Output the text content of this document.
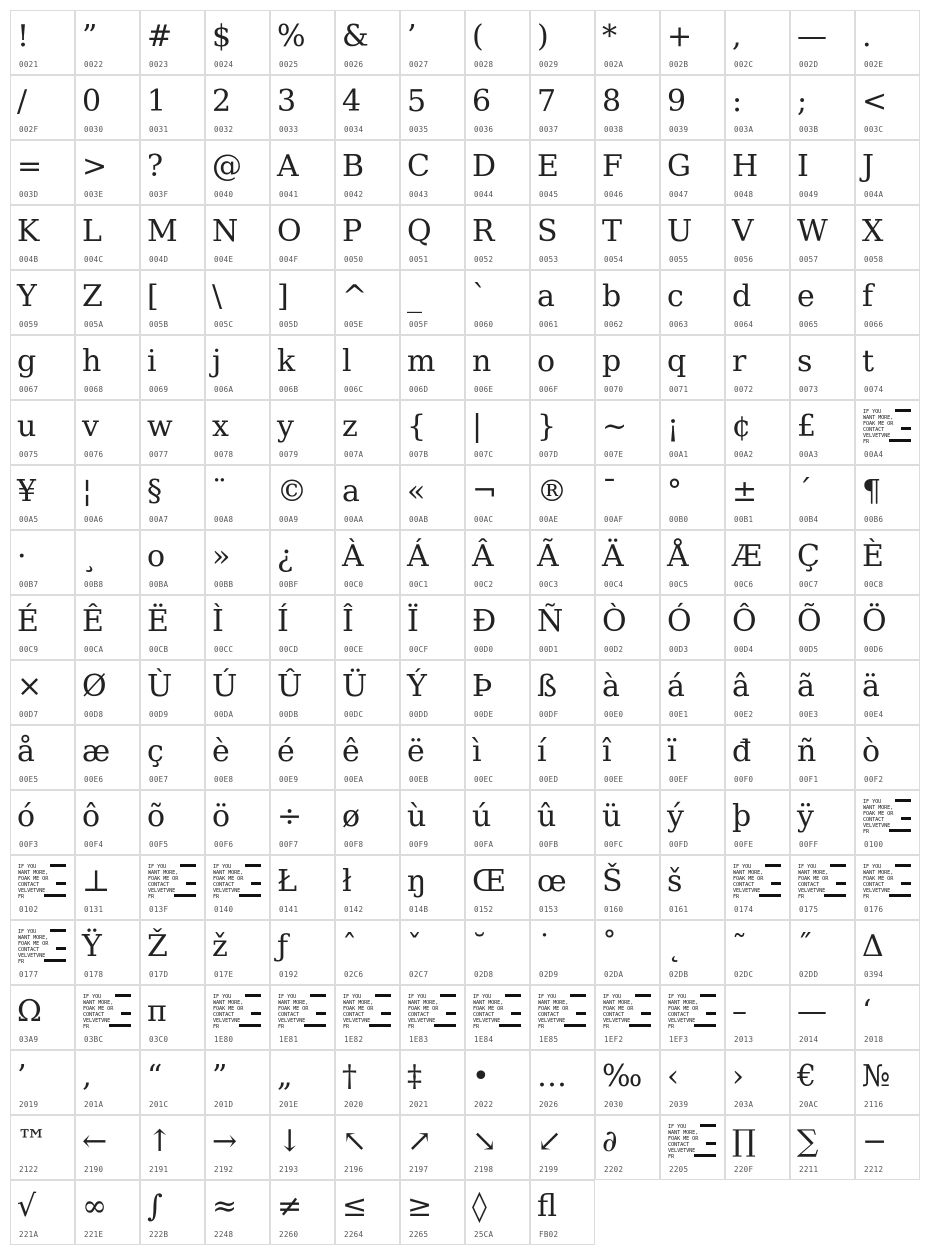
!
0021
”
0022
#
0023
$
0024
%
0025
&
0026
’
0027
(
0028
)
0029
*
002A
+
002B
,
002C
—
002D
.
002E
/
002F
0
0030
1
0031
2
0032
3
0033
4
0034
5
0035
6
0036
7
0037
8
0038
9
0039
:
003A
;
003B
<
003C
=
003D
>
003E
?
003F
@
0040
A
0041
B
0042
C
0043
D
0044
E
0045
F
0046
G
0047
H
0048
I
0049
J
004A
K
004B
L
004C
M
004D
N
004E
O
004F
P
0050
Q
0051
R
0052
S
0053
T
0054
U
0055
V
0056
W
0057
X
0058
Y
0059
Z
005A
[
005B
\
005C
]
005D
^
005E
_
005F
`
0060
a
0061
b
0062
c
0063
d
0064
e
0065
f
0066
g
0067
h
0068
i
0069
j
006A
k
006B
l
006C
m
006D
n
006E
o
006F
p
0070
q
0071
r
0072
s
0073
t
0074
u
0075
v
0076
w
0077
x
0078
y
0079
z
007A
{
007B
|
007C
}
007D
~
007E
¡
00A1
¢
00A2
£
00A3
IF YOU
WANT MORE,
FOAK ME OR
CONTACT
VELVETVNE
FR
00A4
¥
00A5
¦
00A6
§
00A7
¨
00A8
©
00A9
a
00AA
«
00AB
¬
00AC
®
00AE
¯
00AF
°
00B0
±
00B1
´
00B4
¶
00B6
·
00B7
¸
00B8
o
00BA
»
00BB
¿
00BF
À
00C0
Á
00C1
Â
00C2
Ã
00C3
Ä
00C4
Å
00C5
Æ
00C6
Ç
00C7
È
00C8
É
00C9
Ê
00CA
Ë
00CB
Ì
00CC
Í
00CD
Î
00CE
Ï
00CF
Đ
00D0
Ñ
00D1
Ò
00D2
Ó
00D3
Ô
00D4
Õ
00D5
Ö
00D6
×
00D7
Ø
00D8
Ù
00D9
Ú
00DA
Û
00DB
Ü
00DC
Ý
00DD
Þ
00DE
ß
00DF
à
00E0
á
00E1
â
00E2
ã
00E3
ä
00E4
å
00E5
æ
00E6
ç
00E7
è
00E8
é
00E9
ê
00EA
ë
00EB
ì
00EC
í
00ED
î
00EE
ï
00EF
đ
00F0
ñ
00F1
ò
00F2
ó
00F3
ô
00F4
õ
00F5
ö
00F6
÷
00F7
ø
00F8
ù
00F9
ú
00FA
û
00FB
ü
00FC
ý
00FD
þ
00FE
ÿ
00FF
IF YOU
WANT MORE,
FOAK ME OR
CONTACT
VELVETVNE
FR
0100
IF YOU
WANT MORE,
FOAK ME OR
CONTACT
VELVETVNE
FR
0102
⊥
0131
IF YOU
WANT MORE,
FOAK ME OR
CONTACT
VELVETVNE
FR
013F
IF YOU
WANT MORE,
FOAK ME OR
CONTACT
VELVETVNE
FR
0140
Ł
0141
ł
0142
ŋ
014B
Œ
0152
œ
0153
Š
0160
š
0161
IF YOU
WANT MORE,
FOAK ME OR
CONTACT
VELVETVNE
FR
0174
IF YOU
WANT MORE,
FOAK ME OR
CONTACT
VELVETVNE
FR
0175
IF YOU
WANT MORE,
FOAK ME OR
CONTACT
VELVETVNE
FR
0176
IF YOU
WANT MORE,
FOAK ME OR
CONTACT
VELVETVNE
FR
0177
Ÿ
0178
Ž
017D
ž
017E
ƒ
0192
ˆ
02C6
ˇ
02C7
˘
02D8
˙
02D9
˚
02DA
˛
02DB
˜
02DC
˝
02DD
Δ
0394
Ω
03A9
IF YOU
WANT MORE,
FOAK ME OR
CONTACT
VELVETVNE
FR
03BC
π
03C0
IF YOU
WANT MORE,
FOAK ME OR
CONTACT
VELVETVNE
FR
1E80
IF YOU
WANT MORE,
FOAK ME OR
CONTACT
VELVETVNE
FR
1E81
IF YOU
WANT MORE,
FOAK ME OR
CONTACT
VELVETVNE
FR
1E82
IF YOU
WANT MORE,
FOAK ME OR
CONTACT
VELVETVNE
FR
1E83
IF YOU
WANT MORE,
FOAK ME OR
CONTACT
VELVETVNE
FR
1E84
IF YOU
WANT MORE,
FOAK ME OR
CONTACT
VELVETVNE
FR
1E85
IF YOU
WANT MORE,
FOAK ME OR
CONTACT
VELVETVNE
FR
1EF2
IF YOU
WANT MORE,
FOAK ME OR
CONTACT
VELVETVNE
FR
1EF3
–
2013
—
2014
‘
2018
’
2019
‚
201A
“
201C
”
201D
„
201E
†
2020
‡
2021
•
2022
…
2026
‰
2030
‹
2039
›
203A
€
20AC
№
2116
™
2122
←
2190
↑
2191
→
2192
↓
2193
↖
2196
↗
2197
↘
2198
↙
2199
∂
2202
IF YOU
WANT MORE,
FOAK ME OR
CONTACT
VELVETVNE
FR
2205
∏
220F
∑
2211
−
2212
√
221A
∞
221E
∫
222B
≈
2248
≠
2260
≤
2264
≥
2265
◊
25CA
ﬂ
FB02
